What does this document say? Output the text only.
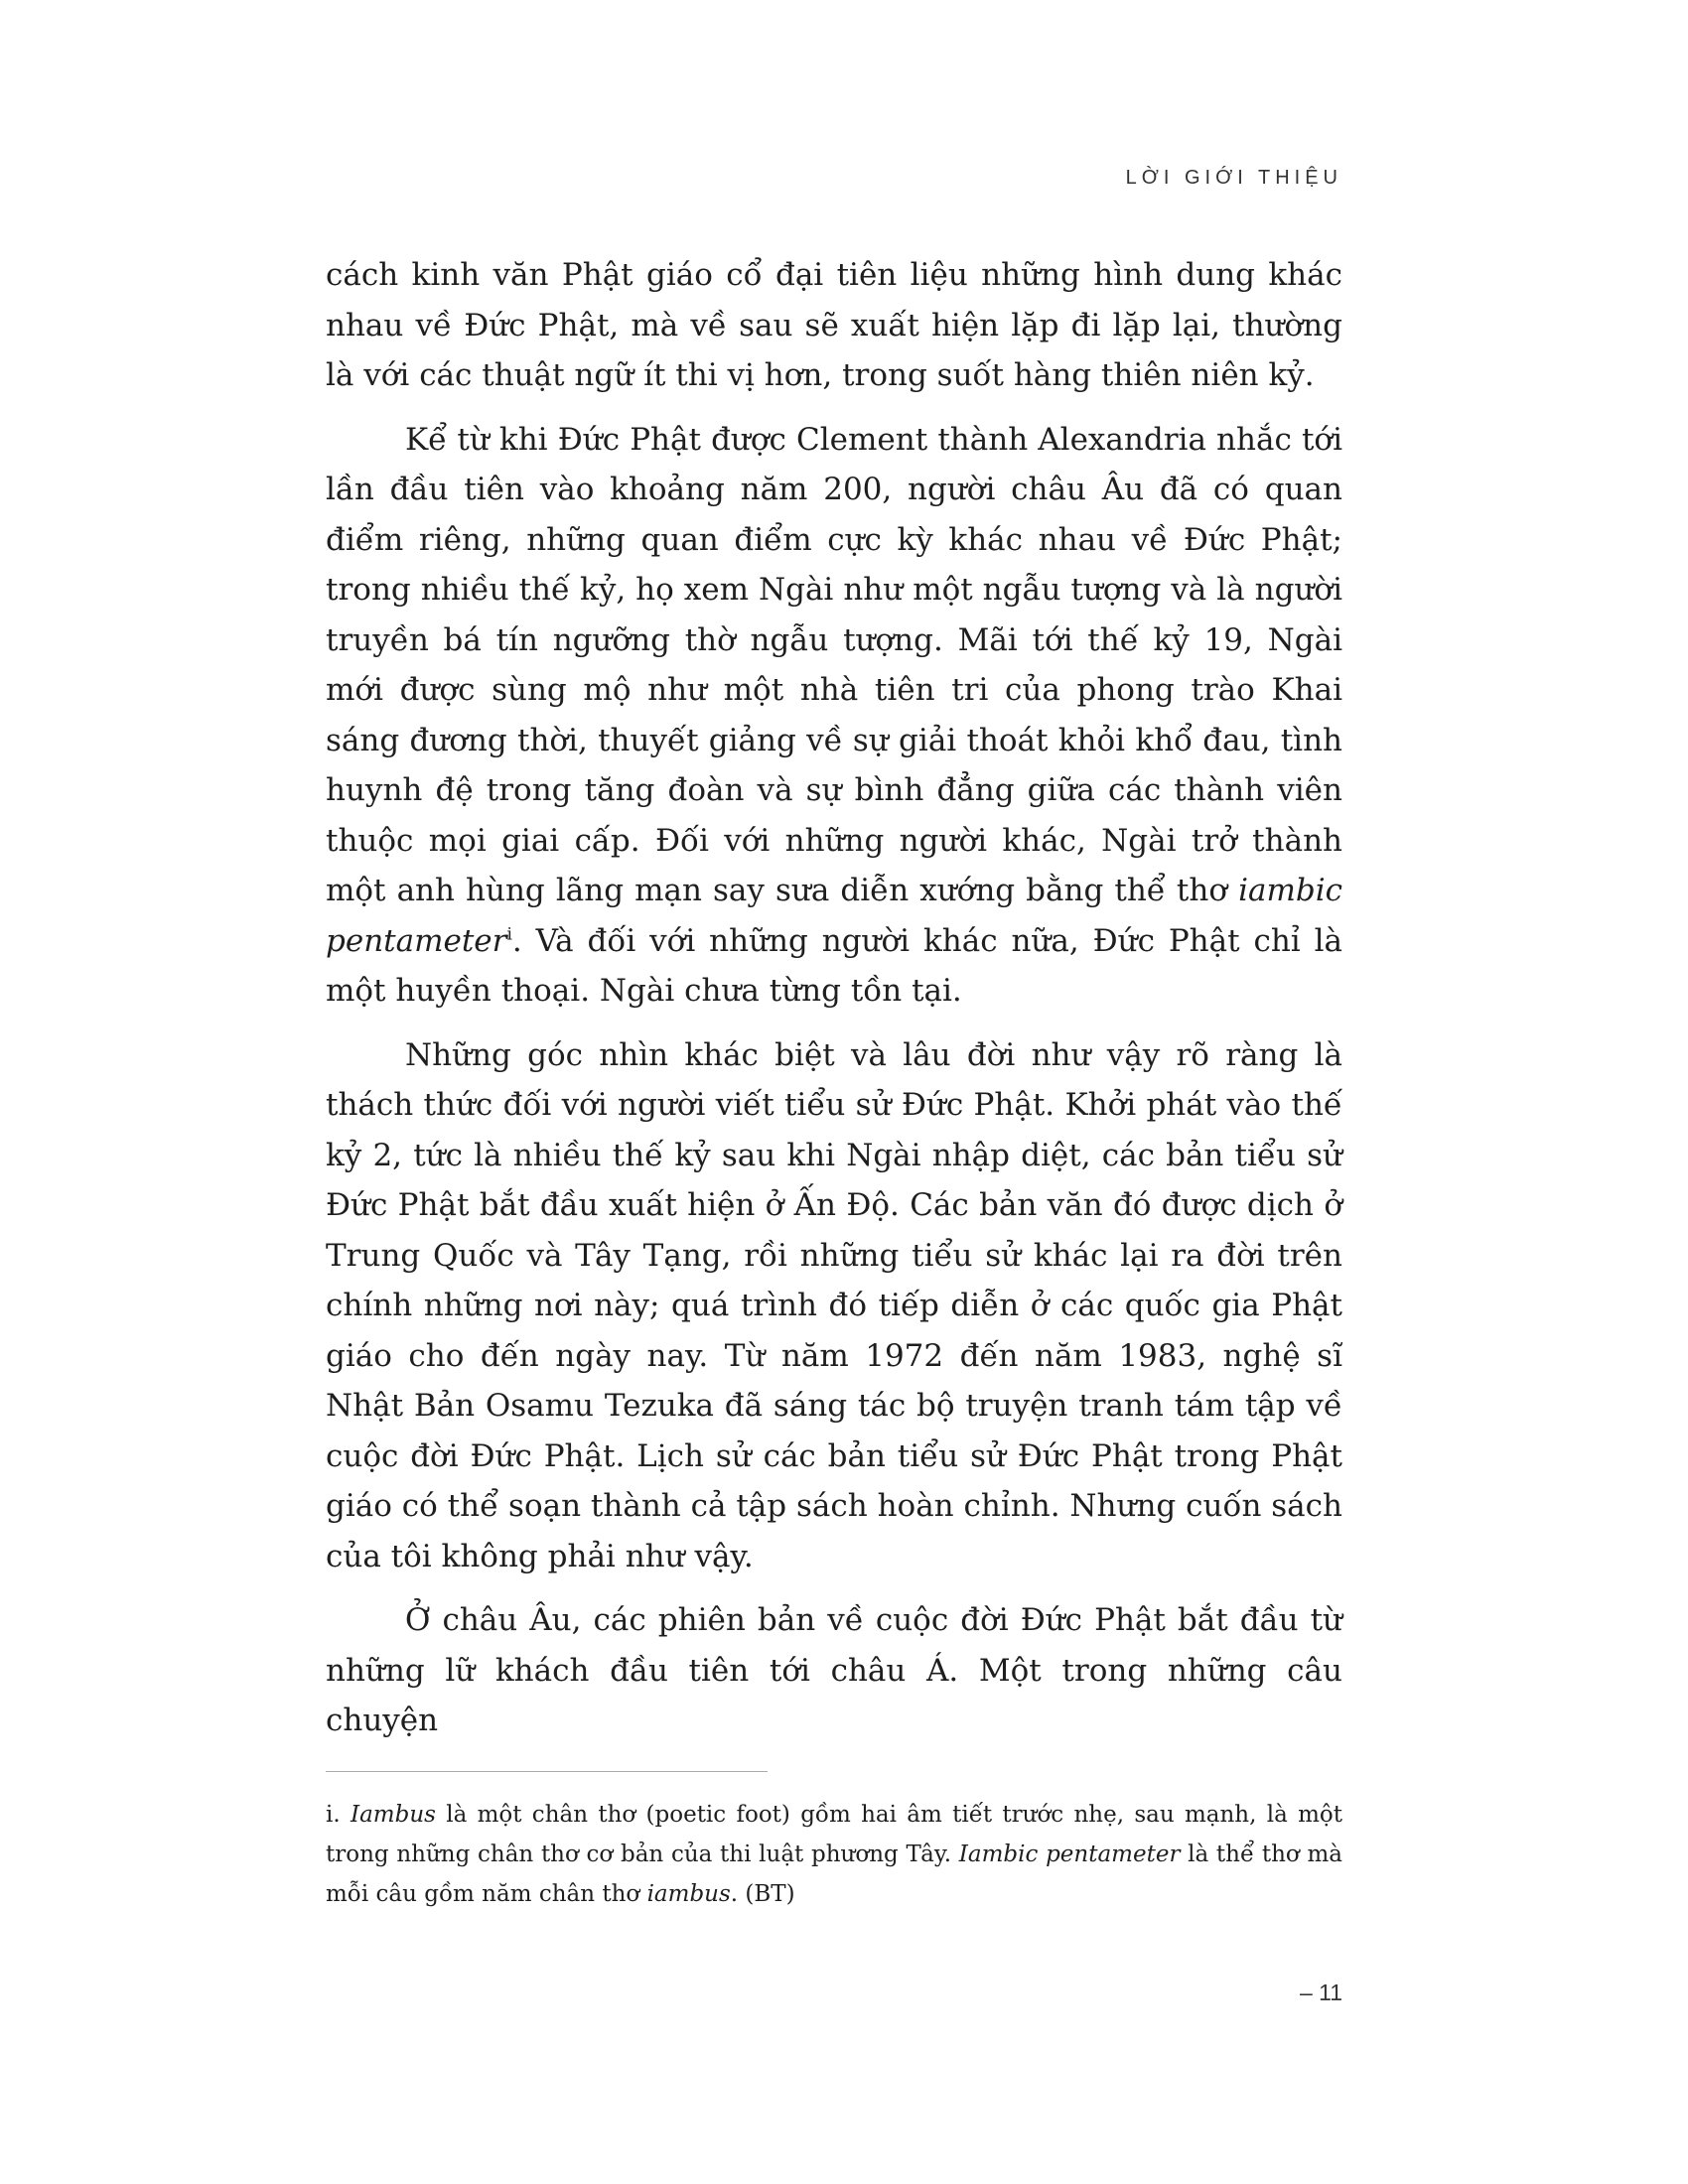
LỜI GIỚI THIỆU

cách kinh văn Phật giáo cổ đại tiên liệu những hình dung khác nhau về Đức Phật, mà về sau sẽ xuất hiện lặp đi lặp lại, thường là với các thuật ngữ ít thi vị hơn, trong suốt hàng thiên niên kỷ.

Kể từ khi Đức Phật được Clement thành Alexandria nhắc tới lần đầu tiên vào khoảng năm 200, người châu Âu đã có quan điểm riêng, những quan điểm cực kỳ khác nhau về Đức Phật; trong nhiều thế kỷ, họ xem Ngài như một ngẫu tượng và là người truyền bá tín ngưỡng thờ ngẫu tượng. Mãi tới thế kỷ 19, Ngài mới được sùng mộ như một nhà tiên tri của phong trào Khai sáng đương thời, thuyết giảng về sự giải thoát khỏi khổ đau, tình huynh đệ trong tăng đoàn và sự bình đẳng giữa các thành viên thuộc mọi giai cấp. Đối với những người khác, Ngài trở thành một anh hùng lãng mạn say sưa diễn xướng bằng thể thơ iambic pentameter$^i$. Và đối với những người khác nữa, Đức Phật chỉ là một huyền thoại. Ngài chưa từng tồn tại.

Những góc nhìn khác biệt và lâu đời như vậy rõ ràng là thách thức đối với người viết tiểu sử Đức Phật. Khởi phát vào thế kỷ 2, tức là nhiều thế kỷ sau khi Ngài nhập diệt, các bản tiểu sử Đức Phật bắt đầu xuất hiện ở Ấn Độ. Các bản văn đó được dịch ở Trung Quốc và Tây Tạng, rồi những tiểu sử khác lại ra đời trên chính những nơi này; quá trình đó tiếp diễn ở các quốc gia Phật giáo cho đến ngày nay. Từ năm 1972 đến năm 1983, nghệ sĩ Nhật Bản Osamu Tezuka đã sáng tác bộ truyện tranh tám tập về cuộc đời Đức Phật. Lịch sử các bản tiểu sử Đức Phật trong Phật giáo có thể soạn thành cả tập sách hoàn chỉnh. Nhưng cuốn sách của tôi không phải như vậy.

Ở châu Âu, các phiên bản về cuộc đời Đức Phật bắt đầu từ những lữ khách đầu tiên tới châu Á. Một trong những câu chuyện

i. Iambus là một chân thơ (poetic foot) gồm hai âm tiết trước nhẹ, sau mạnh, là một trong những chân thơ cơ bản của thi luật phương Tây. Iambic pentameter là thể thơ mà mỗi câu gồm năm chân thơ iambus. (BT)

– 11
